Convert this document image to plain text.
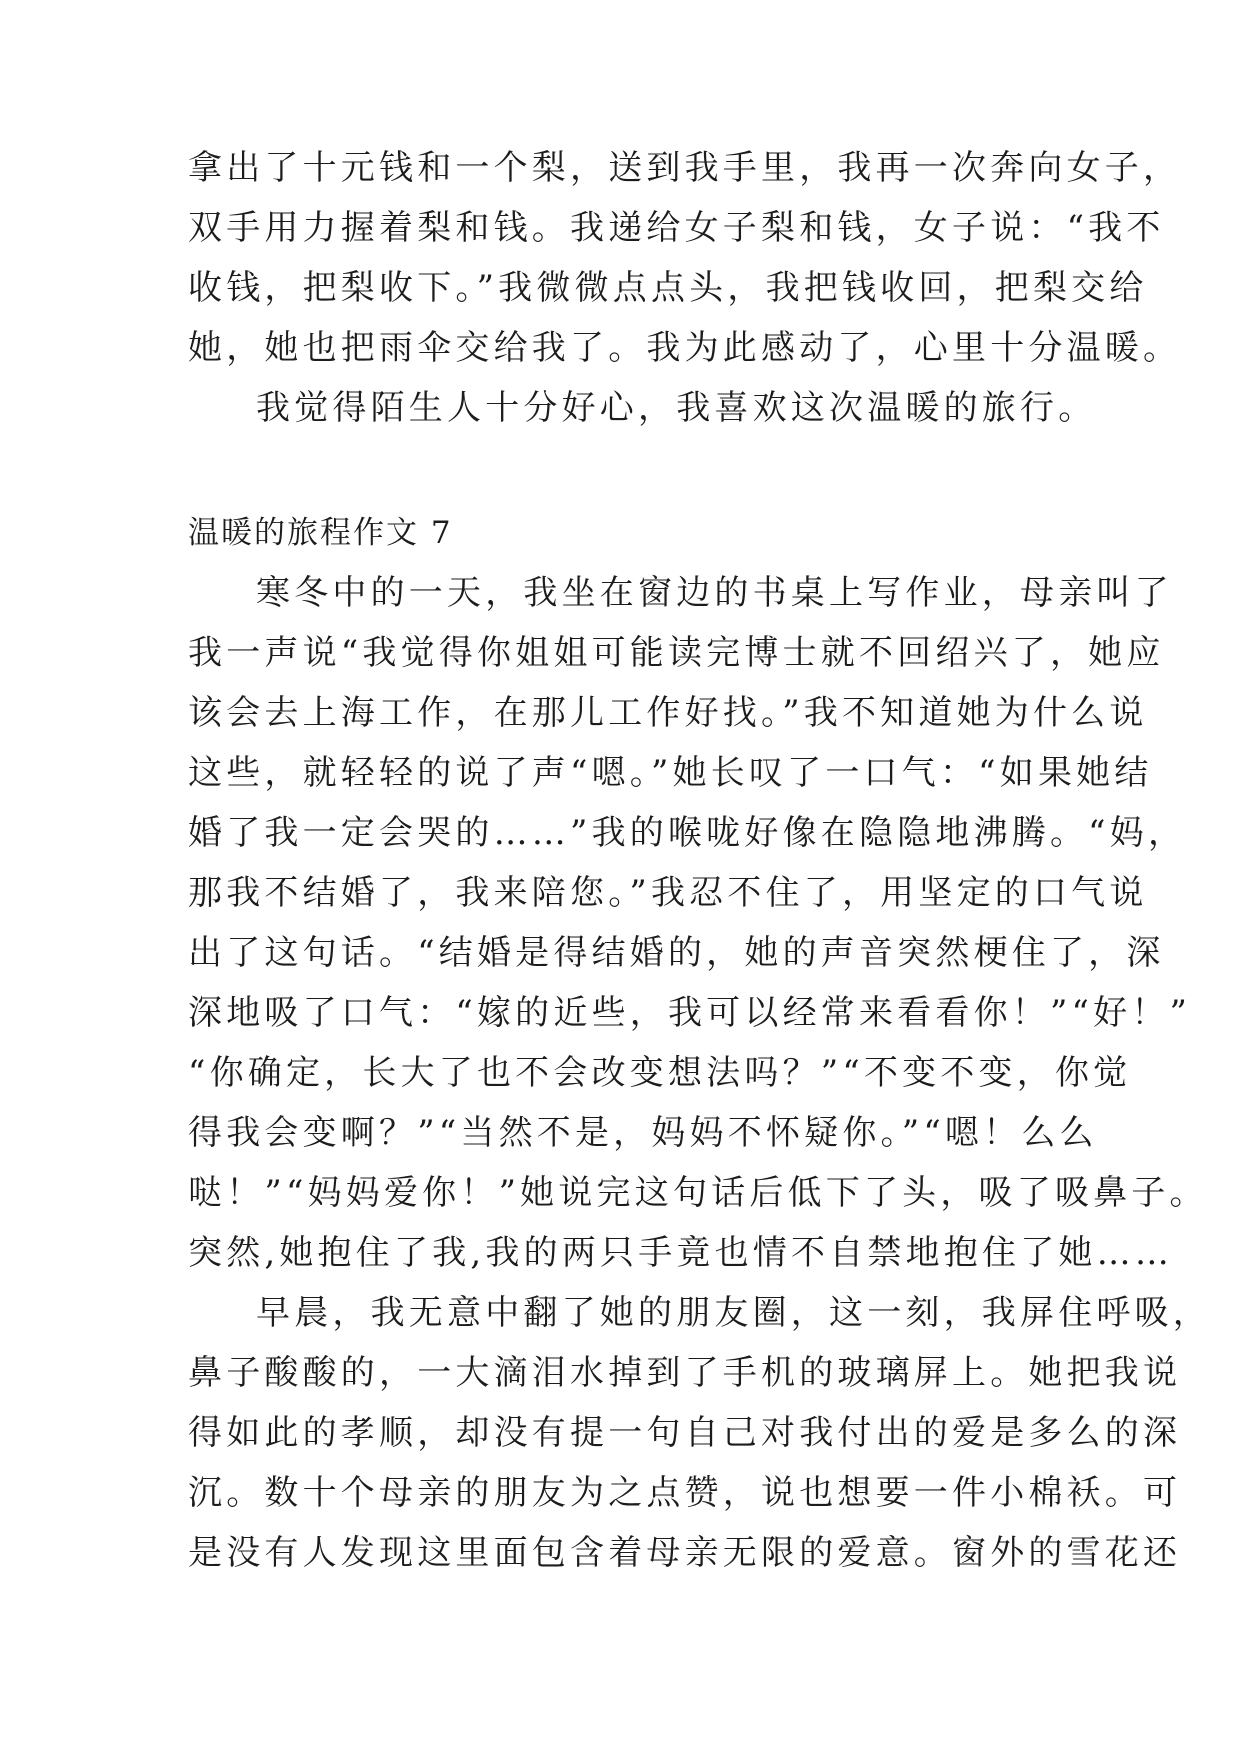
拿出了十元钱和一个梨，送到我手里，我再一次奔向女子，
双手用力握着梨和钱。我递给女子梨和钱，女子说：“我不
收钱，把梨收下。”我微微点点头，我把钱收回，把梨交给
她，她也把雨伞交给我了。我为此感动了，心里十分温暖。
我觉得陌生人十分好心，我喜欢这次温暖的旅行。
温暖的旅程作文 7
寒冬中的一天，我坐在窗边的书桌上写作业，母亲叫了
我一声说“我觉得你姐姐可能读完博士就不回绍兴了，她应
该会去上海工作，在那儿工作好找。”我不知道她为什么说
这些，就轻轻的说了声“嗯。”她长叹了一口气：“如果她结
婚了我一定会哭的……”我的喉咙好像在隐隐地沸腾。“妈，
那我不结婚了，我来陪您。”我忍不住了，用坚定的口气说
出了这句话。“结婚是得结婚的，她的声音突然梗住了，深
深地吸了口气：“嫁的近些，我可以经常来看看你！”“好！”
“你确定，长大了也不会改变想法吗？”“不变不变，你觉
得我会变啊？”“当然不是，妈妈不怀疑你。”“嗯！么么
哒！”“妈妈爱你！”她说完这句话后低下了头，吸了吸鼻子。
突然,她抱住了我,我的两只手竟也情不自禁地抱住了她……
早晨，我无意中翻了她的朋友圈，这一刻，我屏住呼吸，
鼻子酸酸的，一大滴泪水掉到了手机的玻璃屏上。她把我说
得如此的孝顺，却没有提一句自己对我付出的爱是多么的深
沉。数十个母亲的朋友为之点赞，说也想要一件小棉袄。可
是没有人发现这里面包含着母亲无限的爱意。窗外的雪花还
